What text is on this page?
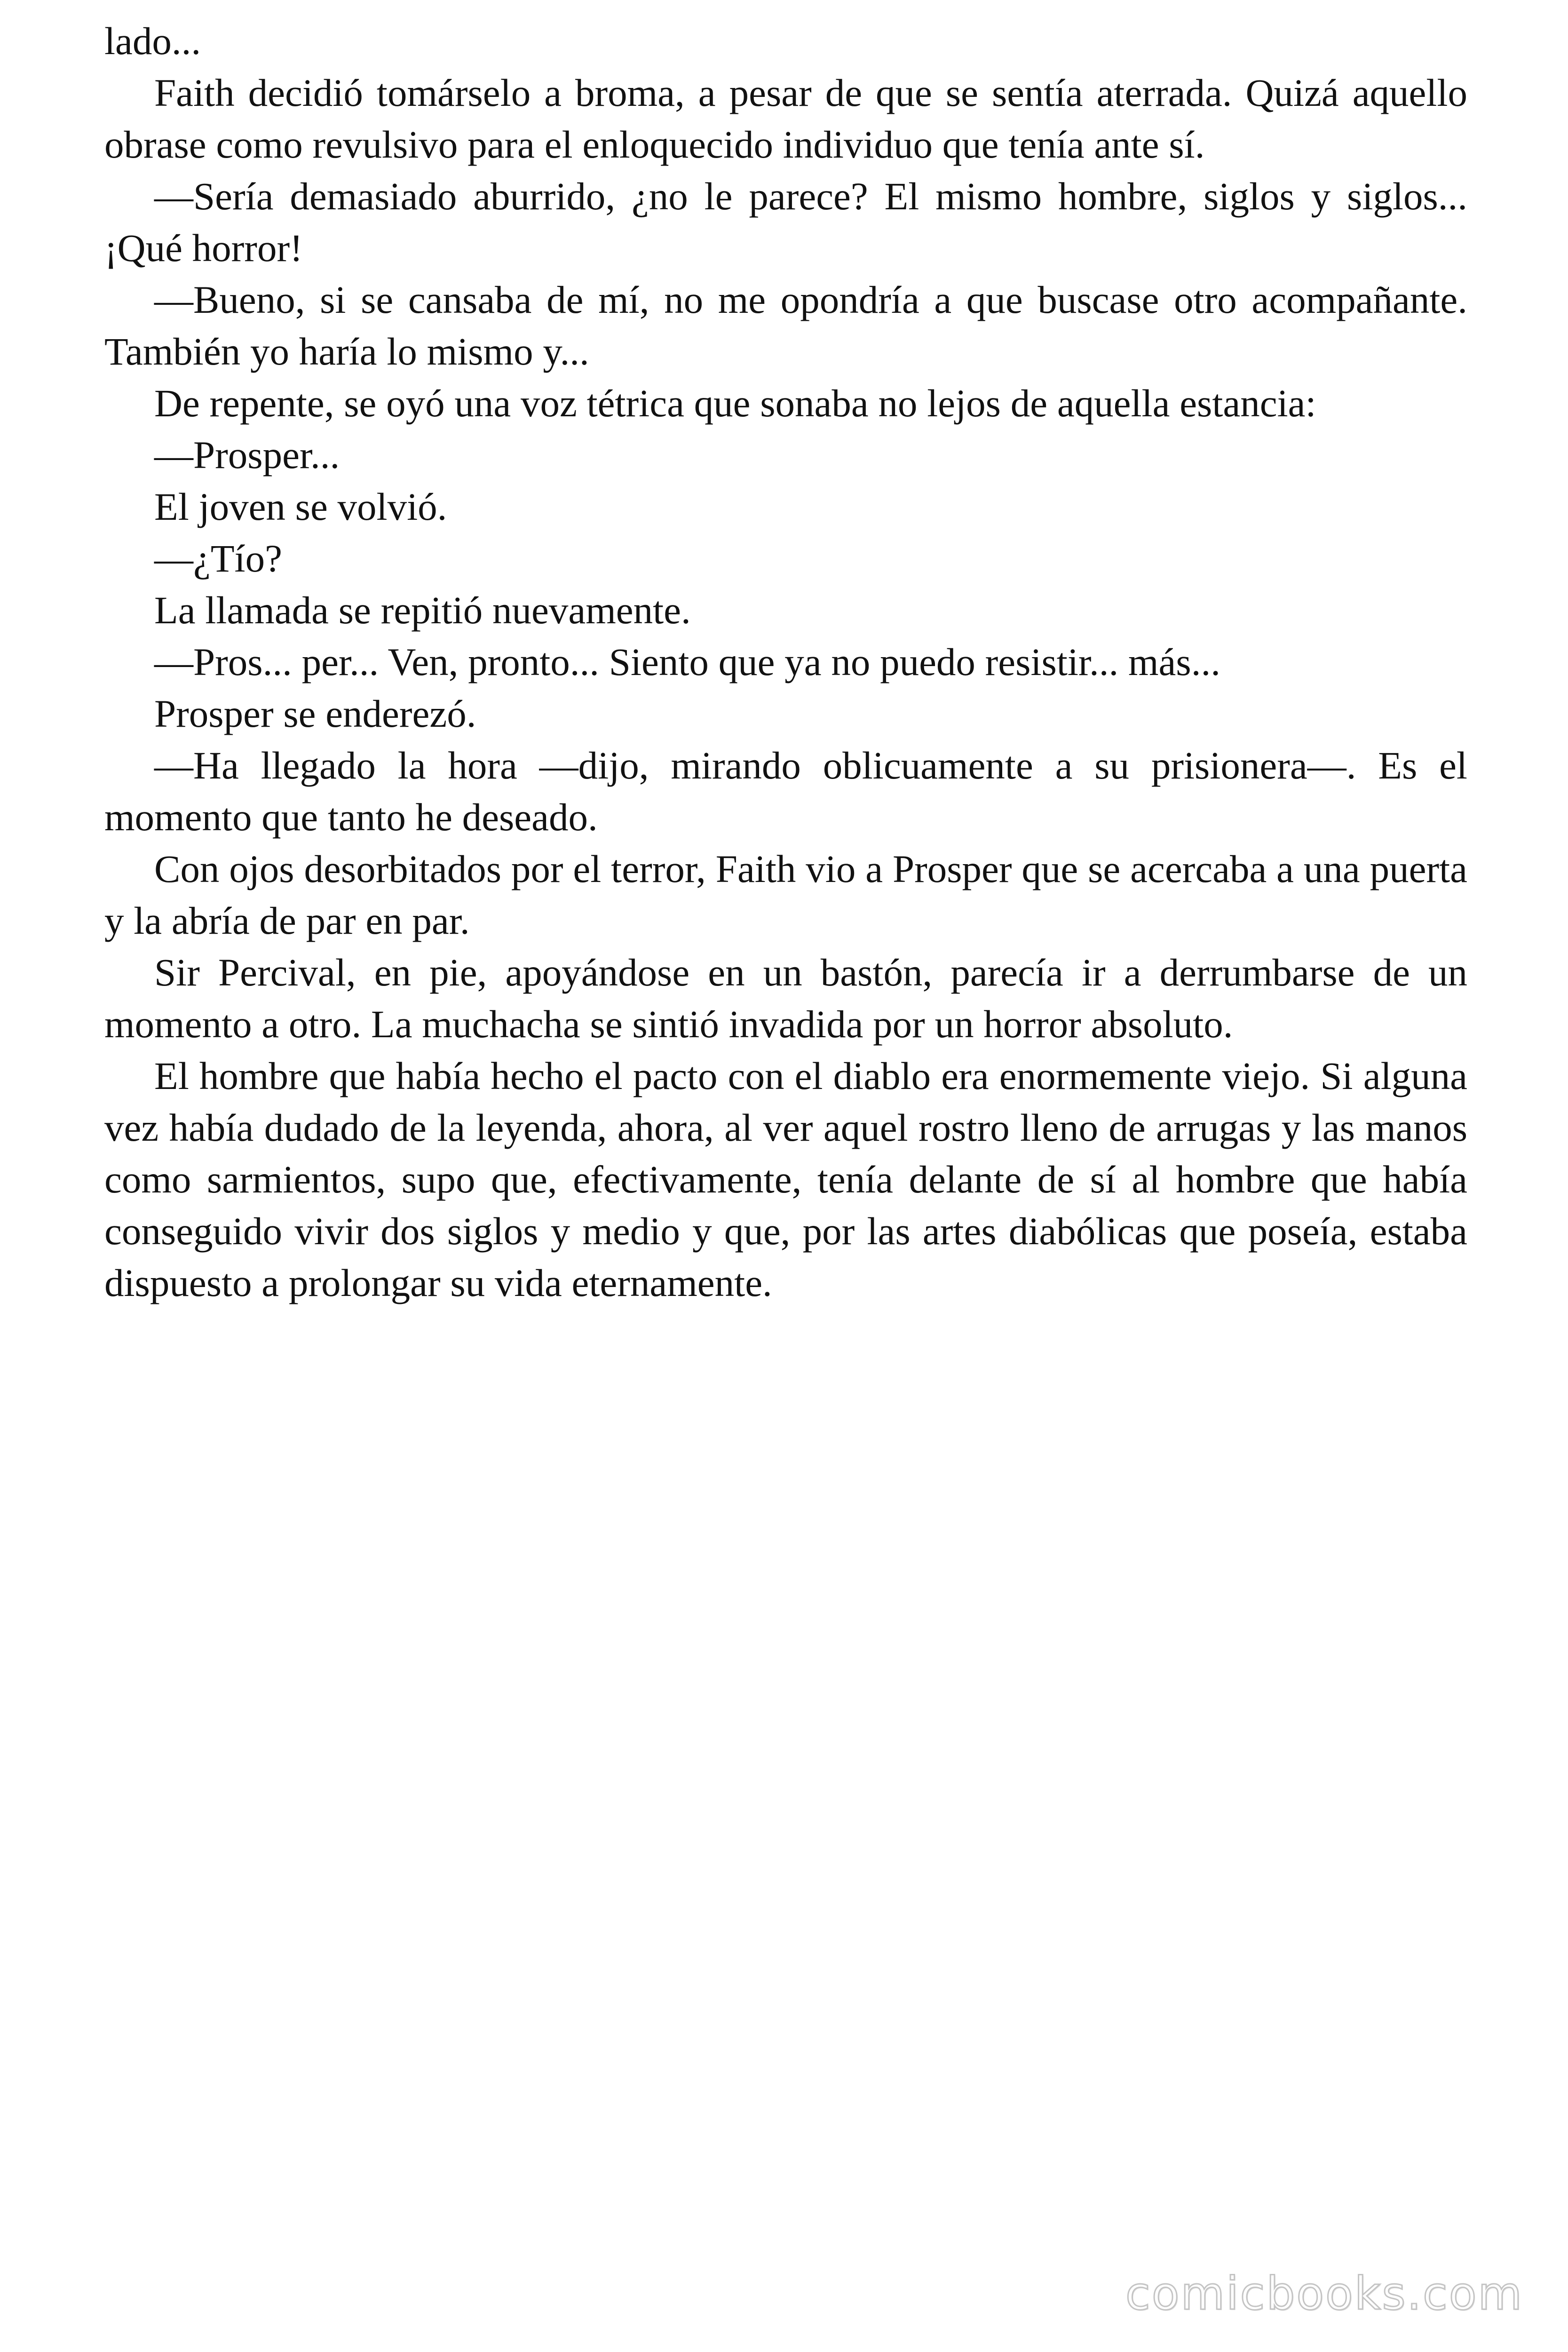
lado...

Faith decidió tomárselo a broma, a pesar de que se sentía aterrada. Quizá aquello obrase como revulsivo para el enloquecido individuo que tenía ante sí.

—Sería demasiado aburrido, ¿no le parece? El mismo hombre, siglos y siglos... ¡Qué horror!

—Bueno, si se cansaba de mí, no me opondría a que buscase otro acompañante. También yo haría lo mismo y...

De repente, se oyó una voz tétrica que sonaba no lejos de aquella estancia:

—Prosper...

El joven se volvió.

—¿Tío?

La llamada se repitió nuevamente.

—Pros... per... Ven, pronto... Siento que ya no puedo resistir... más...

Prosper se enderezó.

—Ha llegado la hora —dijo, mirando oblicuamente a su prisionera—. Es el momento que tanto he deseado.

Con ojos desorbitados por el terror, Faith vio a Prosper que se acercaba a una puerta y la abría de par en par.

Sir Percival, en pie, apoyándose en un bastón, parecía ir a derrumbarse de un momento a otro. La muchacha se sintió invadida por un horror absoluto.

El hombre que había hecho el pacto con el diablo era enormemente viejo. Si alguna vez había dudado de la leyenda, ahora, al ver aquel rostro lleno de arrugas y las manos como sarmientos, supo que, efectivamente, tenía delante de sí al hombre que había conseguido vivir dos siglos y medio y que, por las artes diabólicas que poseía, estaba dispuesto a prolongar su vida eternamente.

comicbooks.com
